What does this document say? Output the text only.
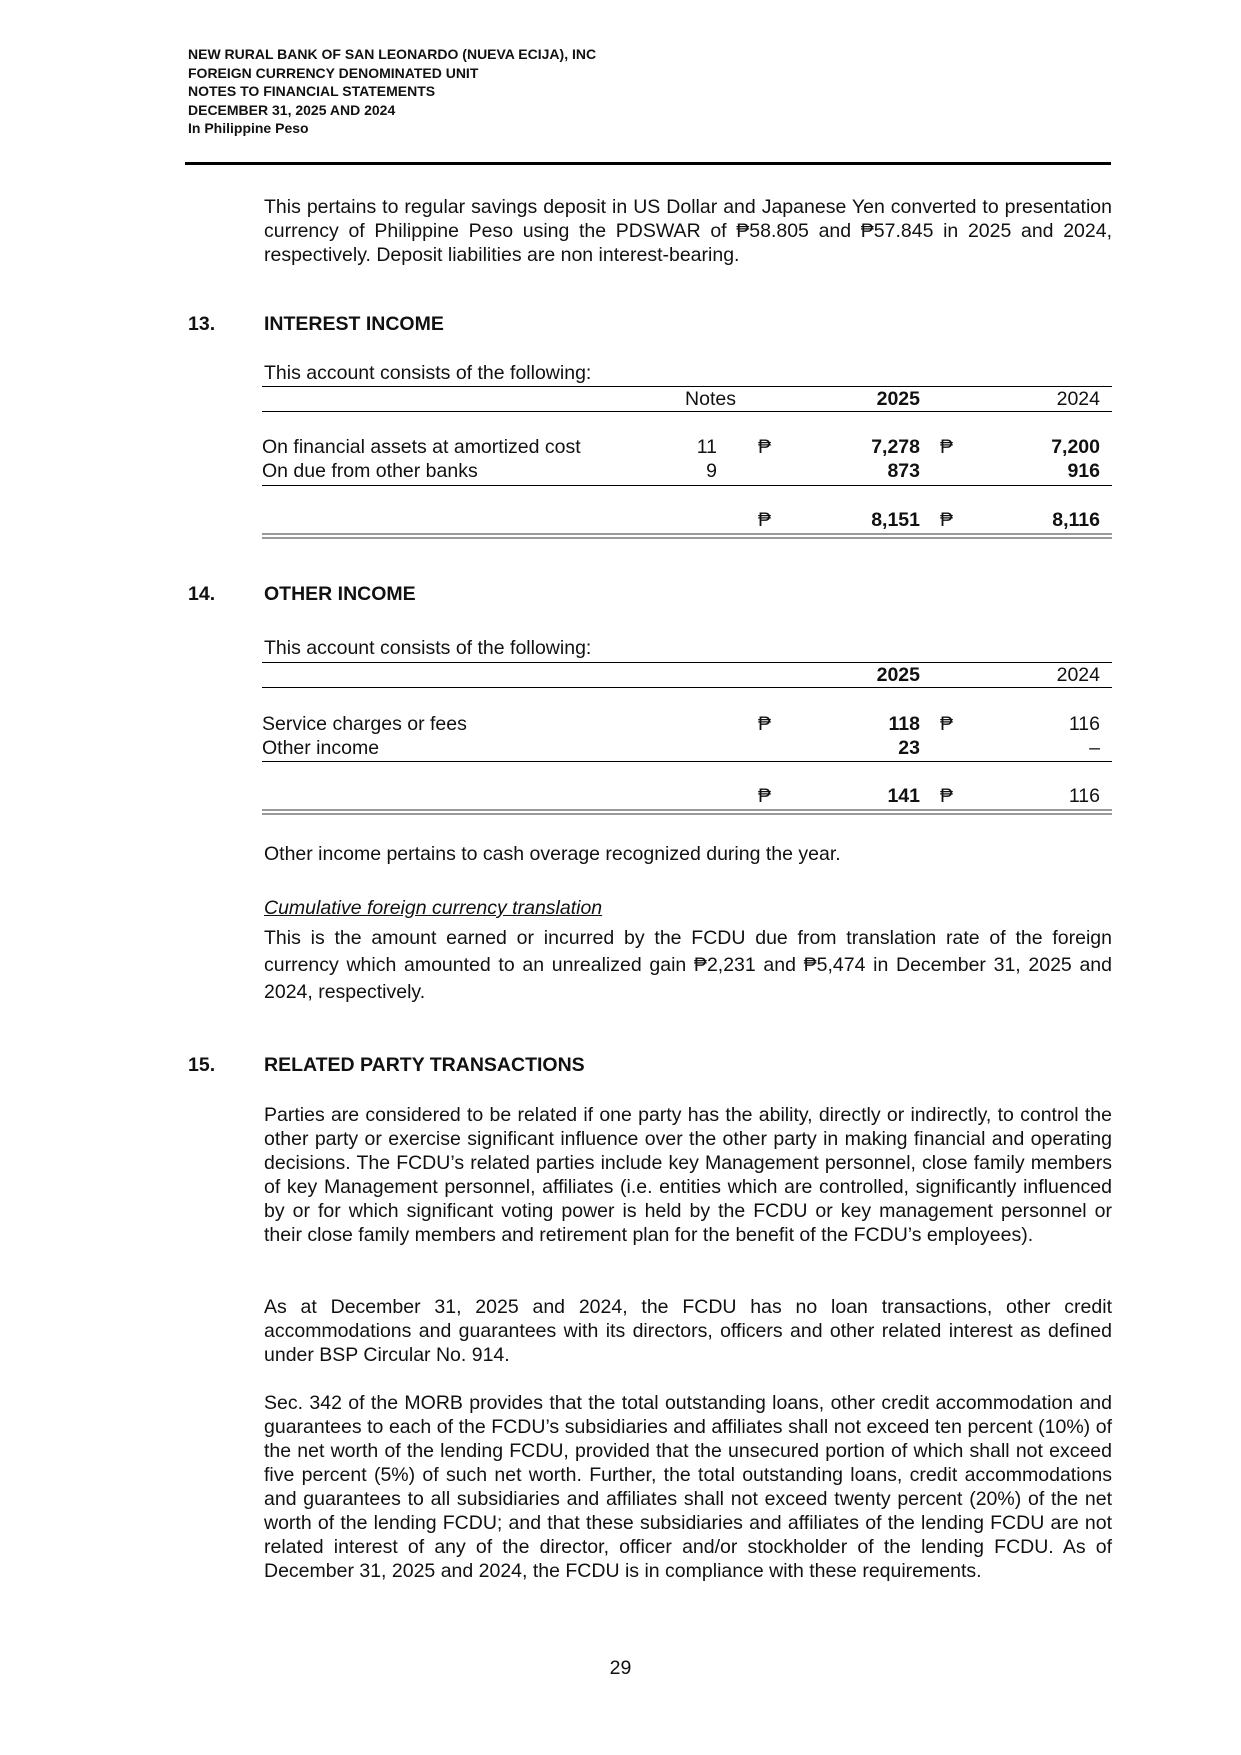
NEW RURAL BANK OF SAN LEONARDO (NUEVA ECIJA), INC
FOREIGN CURRENCY DENOMINATED UNIT
NOTES TO FINANCIAL STATEMENTS
DECEMBER 31, 2025 AND 2024
In Philippine Peso
This pertains to regular savings deposit in US Dollar and Japanese Yen converted to presentation currency of Philippine Peso using the PDSWAR of ₱58.805 and ₱57.845 in 2025 and 2024, respectively. Deposit liabilities are non interest-bearing.
13.	INTEREST INCOME
This account consists of the following:
Notes	2025	2024
On financial assets at amortized cost	11 ₱	7,278 ₱	7,200
On due from other banks	9	873	916
₱	8,151 ₱	8,116
14.	OTHER INCOME
This account consists of the following:
2025	2024
Service charges or fees	₱	118 ₱	116
Other income	23	–
₱	141 ₱	116
Other income pertains to cash overage recognized during the year.
Cumulative foreign currency translation
This is the amount earned or incurred by the FCDU due from translation rate of the foreign currency which amounted to an unrealized gain ₱2,231 and ₱5,474 in December 31, 2025 and 2024, respectively.
15.	RELATED PARTY TRANSACTIONS
Parties are considered to be related if one party has the ability, directly or indirectly, to control the other party or exercise significant influence over the other party in making financial and operating decisions. The FCDU’s related parties include key Management personnel, close family members of key Management personnel, affiliates (i.e. entities which are controlled, significantly influenced by or for which significant voting power is held by the FCDU or key management personnel or their close family members and retirement plan for the benefit of the FCDU’s employees).
As at December 31, 2025 and 2024, the FCDU has no loan transactions, other credit accommodations and guarantees with its directors, officers and other related interest as defined under BSP Circular No. 914.
Sec. 342 of the MORB provides that the total outstanding loans, other credit accommodation and guarantees to each of the FCDU’s subsidiaries and affiliates shall not exceed ten percent (10%) of the net worth of the lending FCDU, provided that the unsecured portion of which shall not exceed five percent (5%) of such net worth. Further, the total outstanding loans, credit accommodations and guarantees to all subsidiaries and affiliates shall not exceed twenty percent (20%) of the net worth of the lending FCDU; and that these subsidiaries and affiliates of the lending FCDU are not related interest of any of the director, officer and/or stockholder of the lending FCDU. As of December 31, 2025 and 2024, the FCDU is in compliance with these requirements.
29
